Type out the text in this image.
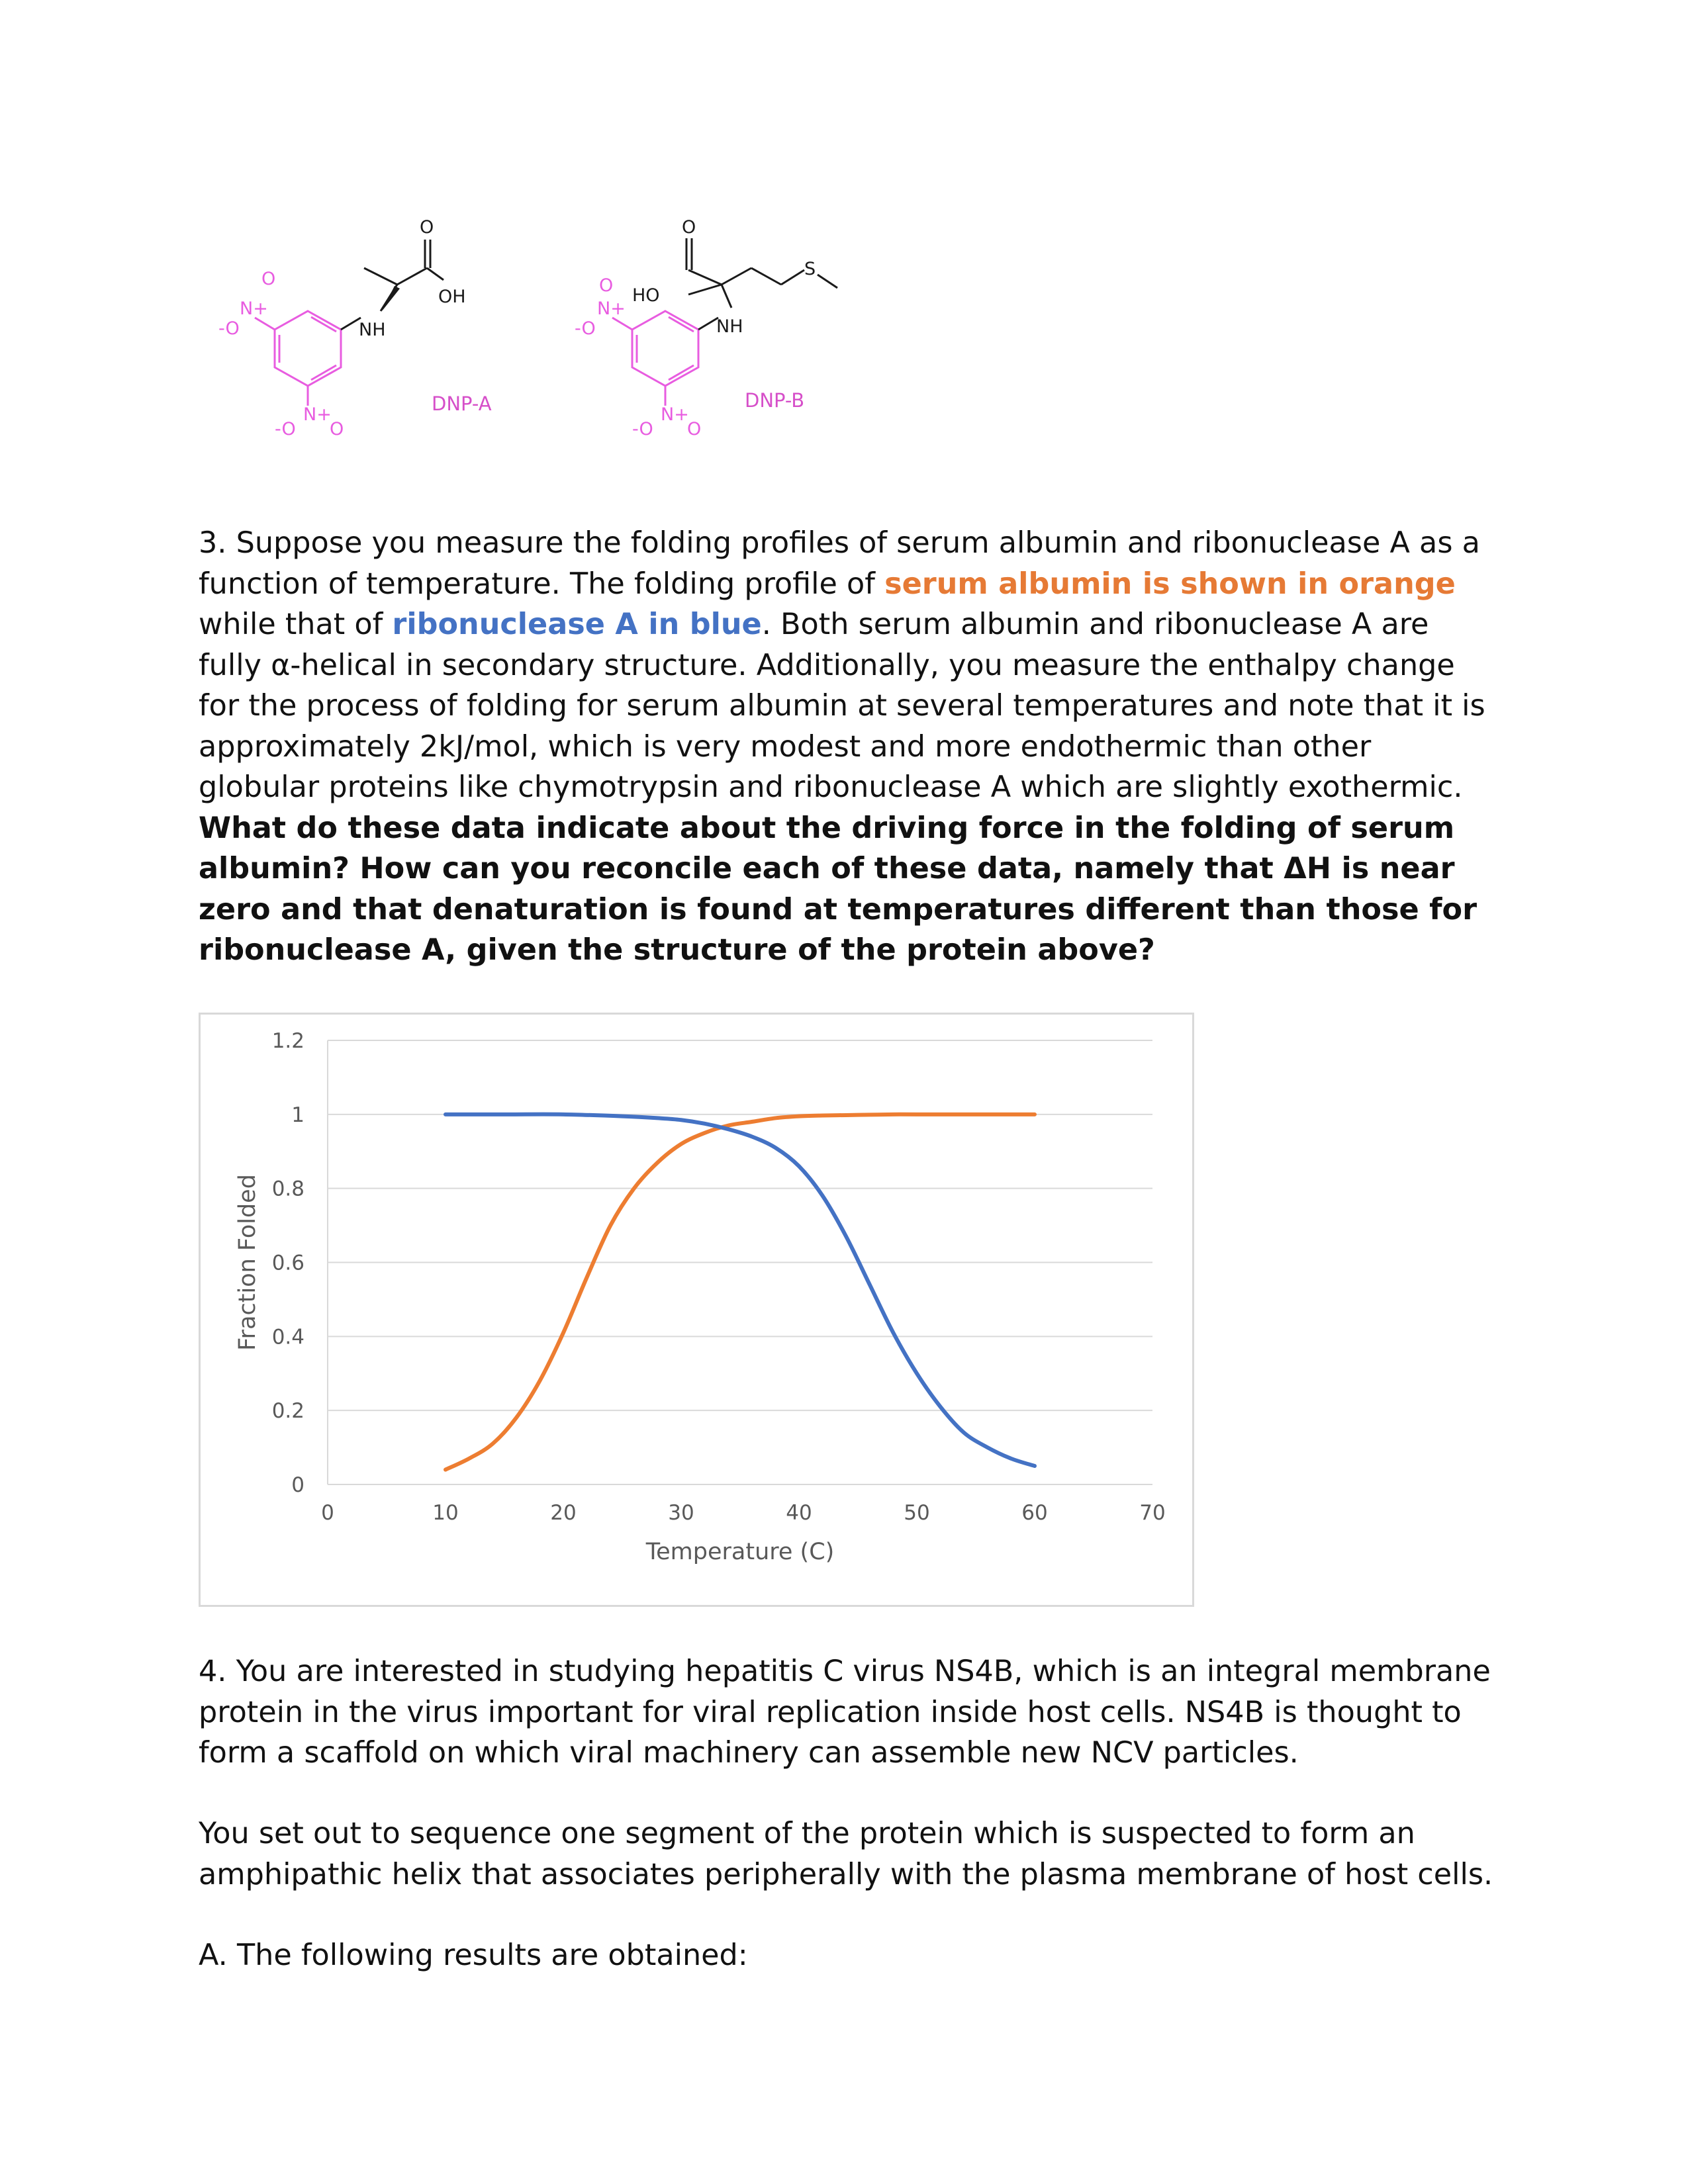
O
OH
NH
O
N+
-O
N+
-O O
DNP-A
O
HO
NH
S
O
N+
-O
N+
-O O
DNP-B

3. Suppose you measure the folding profiles of serum albumin and ribonuclease A as a function of temperature. The folding profile of serum albumin is shown in orange while that of ribonuclease A in blue. Both serum albumin and ribonuclease A are fully α-helical in secondary structure. Additionally, you measure the enthalpy change for the process of folding for serum albumin at several temperatures and note that it is approximately 2kJ/mol, which is very modest and more endothermic than other globular proteins like chymotrypsin and ribonuclease A which are slightly exothermic. What do these data indicate about the driving force in the folding of serum albumin? How can you reconcile each of these data, namely that ΔH is near zero and that denaturation is found at temperatures different than those for ribonuclease A, given the structure of the protein above?

0
0.2
0.4
0.6
0.8
1
1.2
0	10	20	30	40	50	60	70
Temperature (C)
Fraction Folded

4. You are interested in studying hepatitis C virus NS4B, which is an integral membrane protein in the virus important for viral replication inside host cells. NS4B is thought to form a scaffold on which viral machinery can assemble new NCV particles.

You set out to sequence one segment of the protein which is suspected to form an amphipathic helix that associates peripherally with the plasma membrane of host cells.

A. The following results are obtained:
